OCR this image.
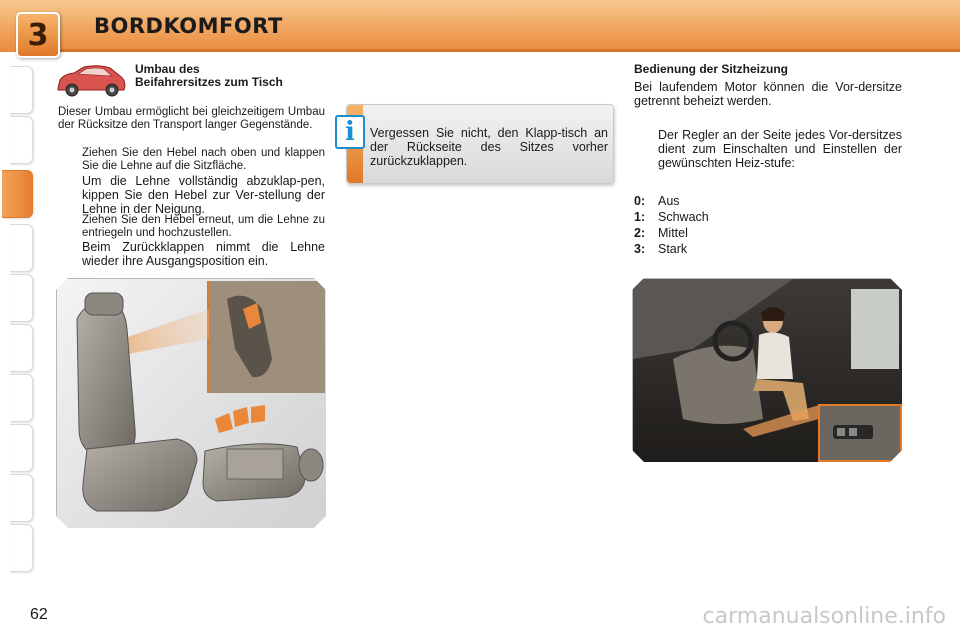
3 BORDKOMFORT
Umbau des
Beifahrersitzes zum Tisch
Dieser Umbau ermöglicht bei gleichzeitigem Umbau der Rücksitze den Transport langer Gegenstände.
Ziehen Sie den Hebel nach oben und klappen Sie die Lehne auf die Sitzfläche.
Um die Lehne vollständig abzuklap-pen, kippen Sie den Hebel zur Ver-stellung der Lehne in der Neigung.
Ziehen Sie den Hebel erneut, um die Lehne zu entriegeln und hochzustellen.
Beim Zurückklappen nimmt die Lehne wieder ihre Ausgangsposition ein.
i	Vergessen Sie nicht, den Klapp-tisch an der Rückseite des Sitzes vorher zurückzuklappen.
Bedienung der Sitzheizung
Bei laufendem Motor können die Vor-dersitze getrennt beheizt werden.
Der Regler an der Seite jedes Vor-dersitzes dient zum Einschalten und Einstellen der gewünschten Heiz-stufe:
0: Aus
1: Schwach
2: Mittel
3: Stark
62	carmanualsonline.info
